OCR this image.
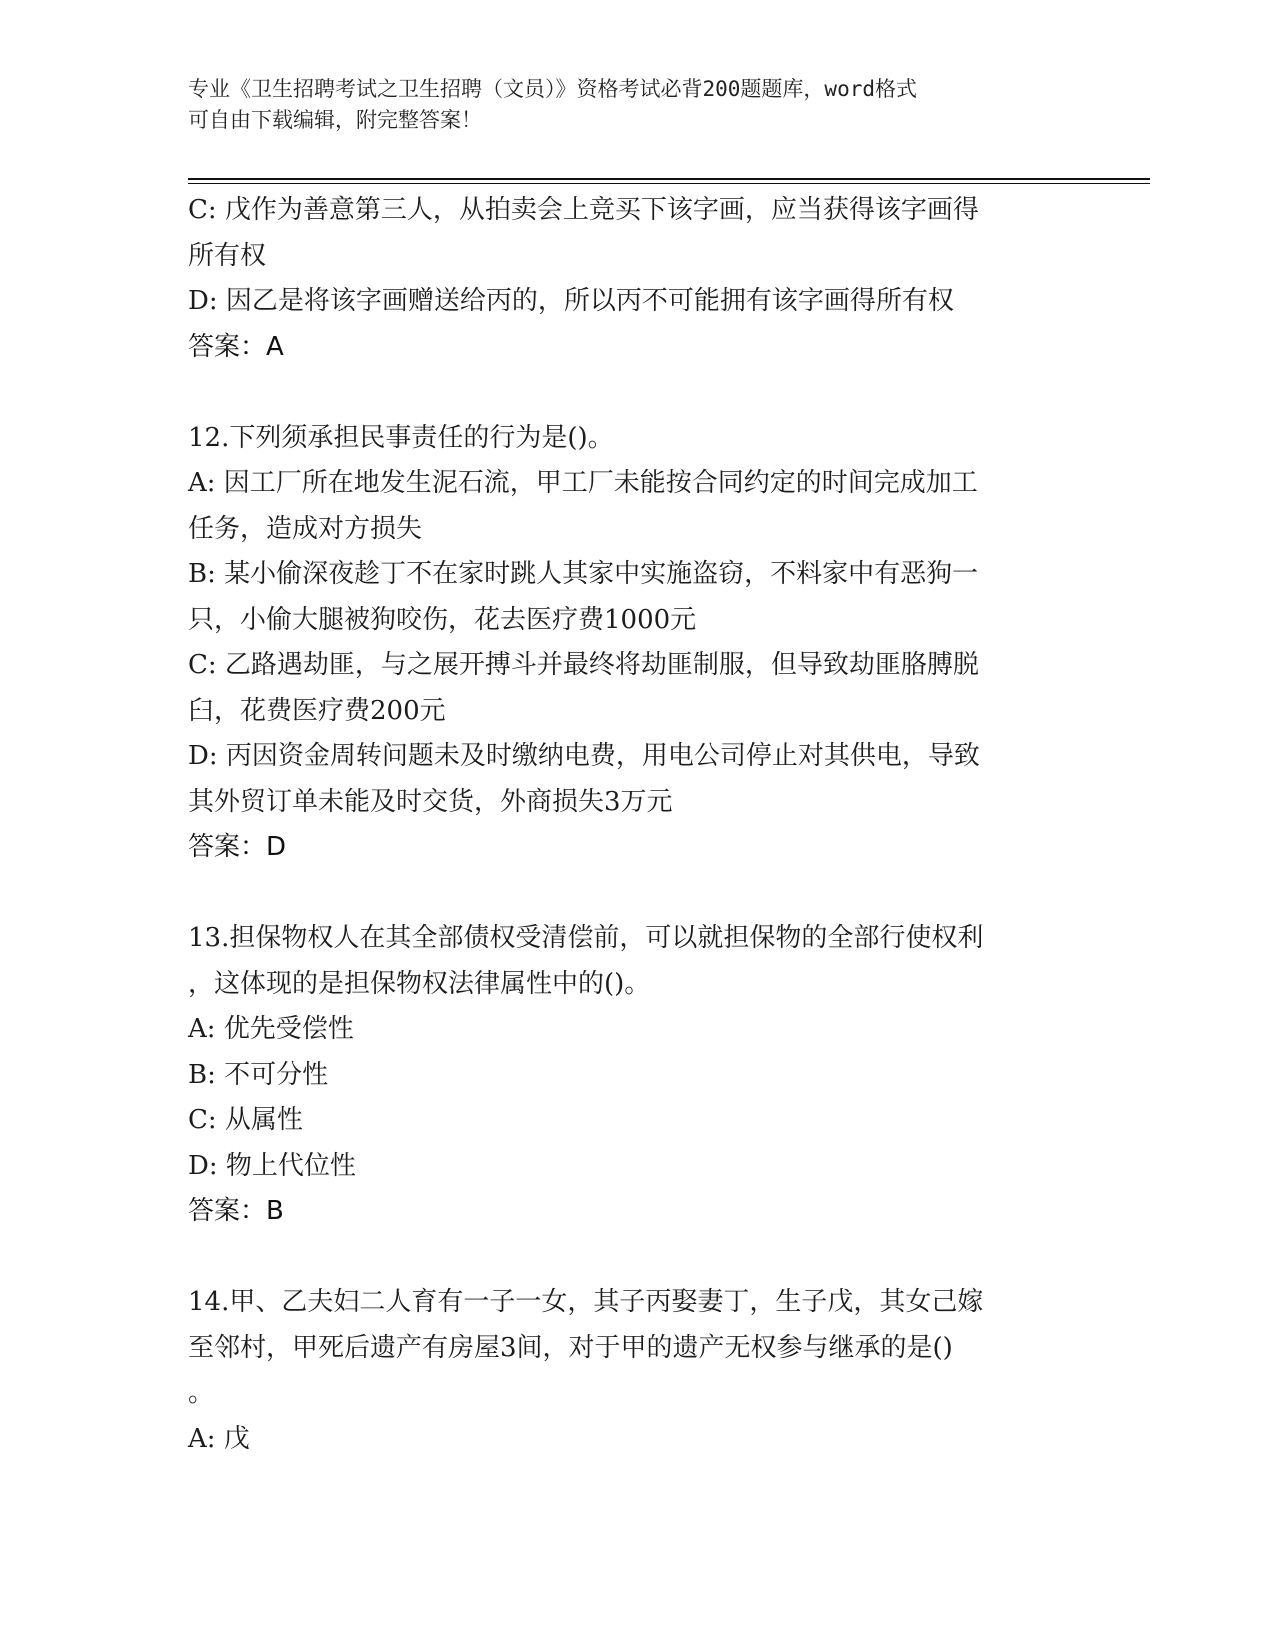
专业《卫生招聘考试之卫生招聘（文员）》资格考试必背200题题库，word格式
可自由下载编辑，附完整答案！
C: 戊作为善意第三人，从拍卖会上竞买下该字画，应当获得该字画得
所有权
D: 因乙是将该字画赠送给丙的，所以丙不可能拥有该字画得所有权
答案：A
12.下列须承担民事责任的行为是()。
A: 因工厂所在地发生泥石流，甲工厂未能按合同约定的时间完成加工
任务，造成对方损失
B: 某小偷深夜趁丁不在家时跳人其家中实施盗窃，不料家中有恶狗一
只，小偷大腿被狗咬伤，花去医疗费1000元
C: 乙路遇劫匪，与之展开搏斗并最终将劫匪制服，但导致劫匪胳膊脱
臼，花费医疗费200元
D: 丙因资金周转问题未及时缴纳电费，用电公司停止对其供电，导致
其外贸订单未能及时交货，外商损失3万元
答案：D
13.担保物权人在其全部债权受清偿前，可以就担保物的全部行使权利
，这体现的是担保物权法律属性中的()。
A: 优先受偿性
B: 不可分性
C: 从属性
D: 物上代位性
答案：B
14.甲、乙夫妇二人育有一子一女，其子丙娶妻丁，生子戊，其女己嫁
至邻村，甲死后遗产有房屋3间，对于甲的遗产无权参与继承的是()
。
A: 戊
